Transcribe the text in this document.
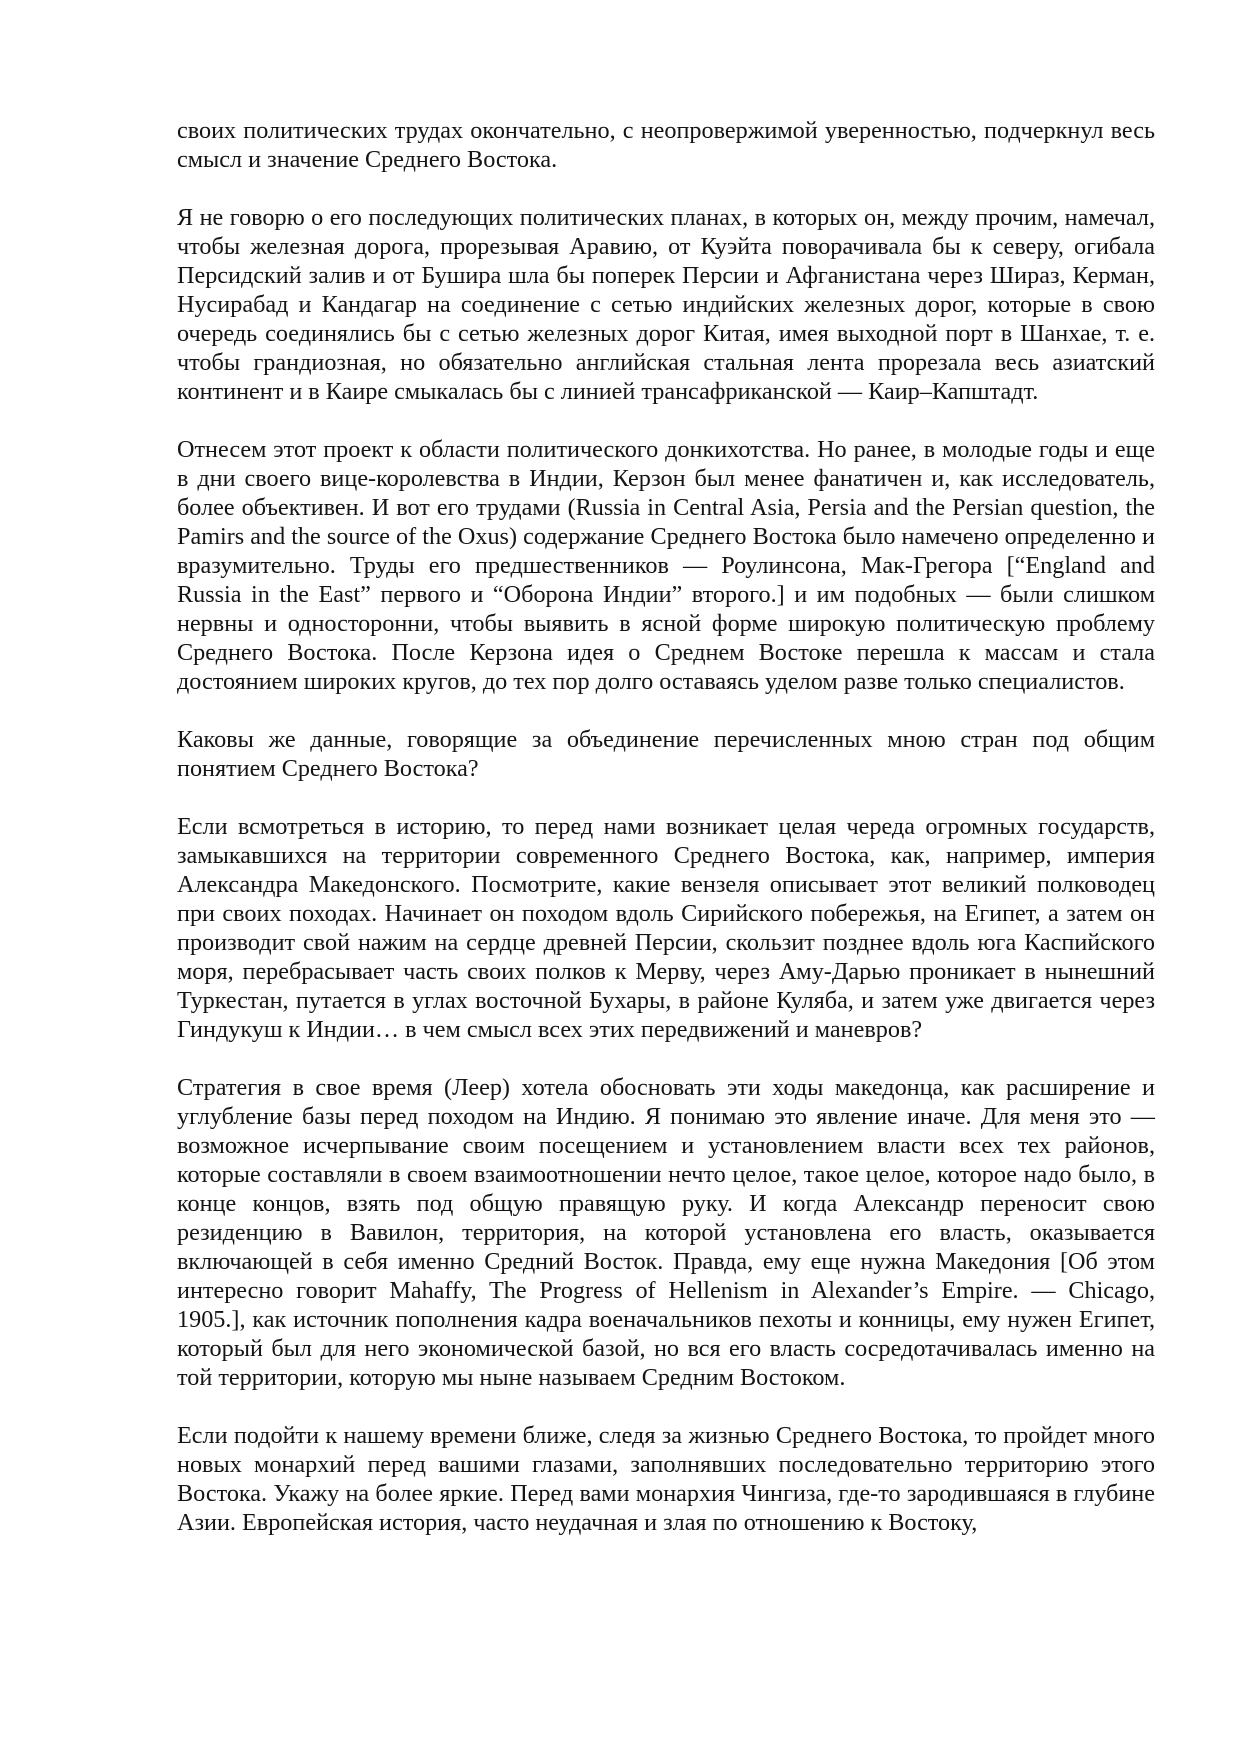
своих политических трудах окончательно, с неопровержимой уверенностью, подчеркнул весь смысл и значение Среднего Востока.

Я не говорю о его последующих политических планах, в которых он, между прочим, намечал, чтобы железная дорога, прорезывая Аравию, от Куэйта поворачивала бы к северу, огибала Персидский залив и от Бушира шла бы поперек Персии и Афганистана через Шираз, Керман, Нусирабад и Кандагар на соединение с сетью индийских железных дорог, которые в свою очередь соединялись бы с сетью железных дорог Китая, имея выходной порт в Шанхае, т. е. чтобы грандиозная, но обязательно английская стальная лента прорезала весь азиатский континент и в Каире смыкалась бы с линией трансафриканской — Каир–Капштадт.

Отнесем этот проект к области политического донкихотства. Но ранее, в молодые годы и еще в дни своего вице-королевства в Индии, Керзон был менее фанатичен и, как исследователь, более объективен. И вот его трудами (Russia in Central Asia, Persia and the Persian question, the Pamirs and the source of the Oxus) содержание Среднего Востока было намечено определенно и вразумительно. Труды его предшественников — Роулинсона, Мак-Грегора [“England and Russia in the East” первого и “Оборона Индии” второго.] и им подобных — были слишком нервны и односторонни, чтобы выявить в ясной форме широкую политическую проблему Среднего Востока. После Керзона идея о Среднем Востоке перешла к массам и стала достоянием широких кругов, до тех пор долго оставаясь уделом разве только специалистов.

Каковы же данные, говорящие за объединение перечисленных мною стран под общим понятием Среднего Востока?

Если всмотреться в историю, то перед нами возникает целая череда огромных государств, замыкавшихся на территории современного Среднего Востока, как, например, империя Александра Македонского. Посмотрите, какие вензеля описывает этот великий полководец при своих походах. Начинает он походом вдоль Сирийского побережья, на Египет, а затем он производит свой нажим на сердце древней Персии, скользит позднее вдоль юга Каспийского моря, перебрасывает часть своих полков к Мерву, через Аму-Дарью проникает в нынешний Туркестан, путается в углах восточной Бухары, в районе Куляба, и затем уже двигается через Гиндукуш к Индии… в чем смысл всех этих передвижений и маневров?

Стратегия в свое время (Леер) хотела обосновать эти ходы македонца, как расширение и углубление базы перед походом на Индию. Я понимаю это явление иначе. Для меня это — возможное исчерпывание своим посещением и установлением власти всех тех районов, которые составляли в своем взаимоотношении нечто целое, такое целое, которое надо было, в конце концов, взять под общую правящую руку. И когда Александр переносит свою резиденцию в Вавилон, территория, на которой установлена его власть, оказывается включающей в себя именно Средний Восток. Правда, ему еще нужна Македония [Об этом интересно говорит Mahaffy, The Progress of Hellenism in Alexander’s Empire. — Chicago, 1905.], как источник пополнения кадра военачальников пехоты и конницы, ему нужен Египет, который был для него экономической базой, но вся его власть сосредотачивалась именно на той территории, которую мы ныне называем Средним Востоком.

Если подойти к нашему времени ближе, следя за жизнью Среднего Востока, то пройдет много новых монархий перед вашими глазами, заполнявших последовательно территорию этого Востока. Укажу на более яркие. Перед вами монархия Чингиза, где-то зародившаяся в глубине Азии. Европейская история, часто неудачная и злая по отношению к Востоку,
